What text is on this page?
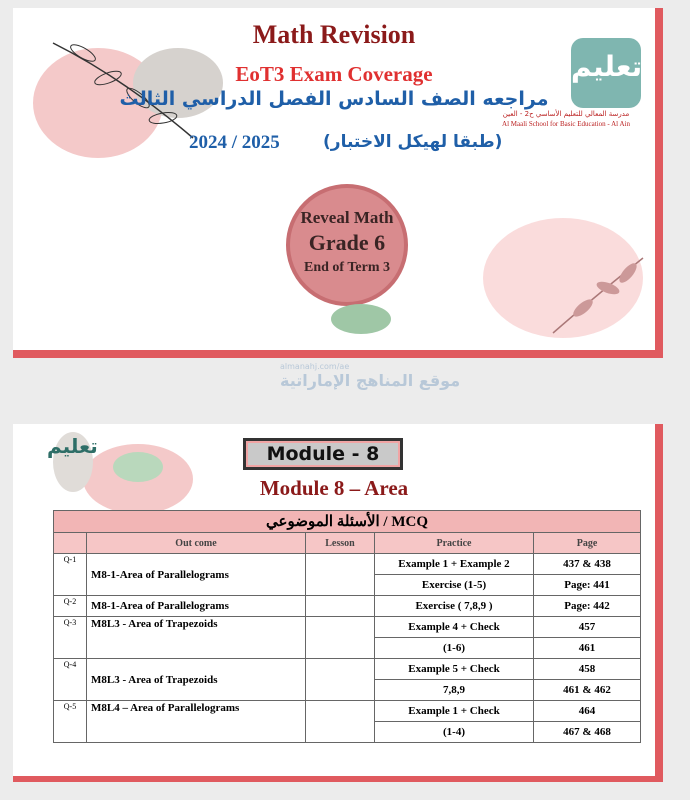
Math Revision
EoT3 Exam Coverage
مراجعه الصف السادس الفصل الدراسي الثالث
2024 / 2025	(طبقا لهيكل الاختبار)
تعليم
مدرسة المعالي للتعليم الأساسي ح2 - العين
Al Maali School for Basic Education - Al Ain
Reveal Math
Grade 6
End of Term 3
almanahj.com/ae
موقع المناهج الإماراتية
تعليم	Module - 8
Module 8 – Area
الأسئلة الموضوعي / MCQ				
	Out come	Lesson	Practice	Page
Q-1	M8-1-Area of Parallelograms		Example 1 + Example 2	437 & 438
			Exercise (1-5)	Page: 441
Q-2	M8-1-Area of Parallelograms		Exercise ( 7,8,9 )	Page: 442
Q-3	M8L3 - Area of Trapezoids		Example 4 + Check	457
			(1-6)	461
Q-4	M8L3 - Area of Trapezoids		Example 5 + Check	458
			7,8,9	461 & 462
Q-5	M8L4 – Area of Parallelograms		Example 1 + Check	464
			(1-4)	467 & 468
